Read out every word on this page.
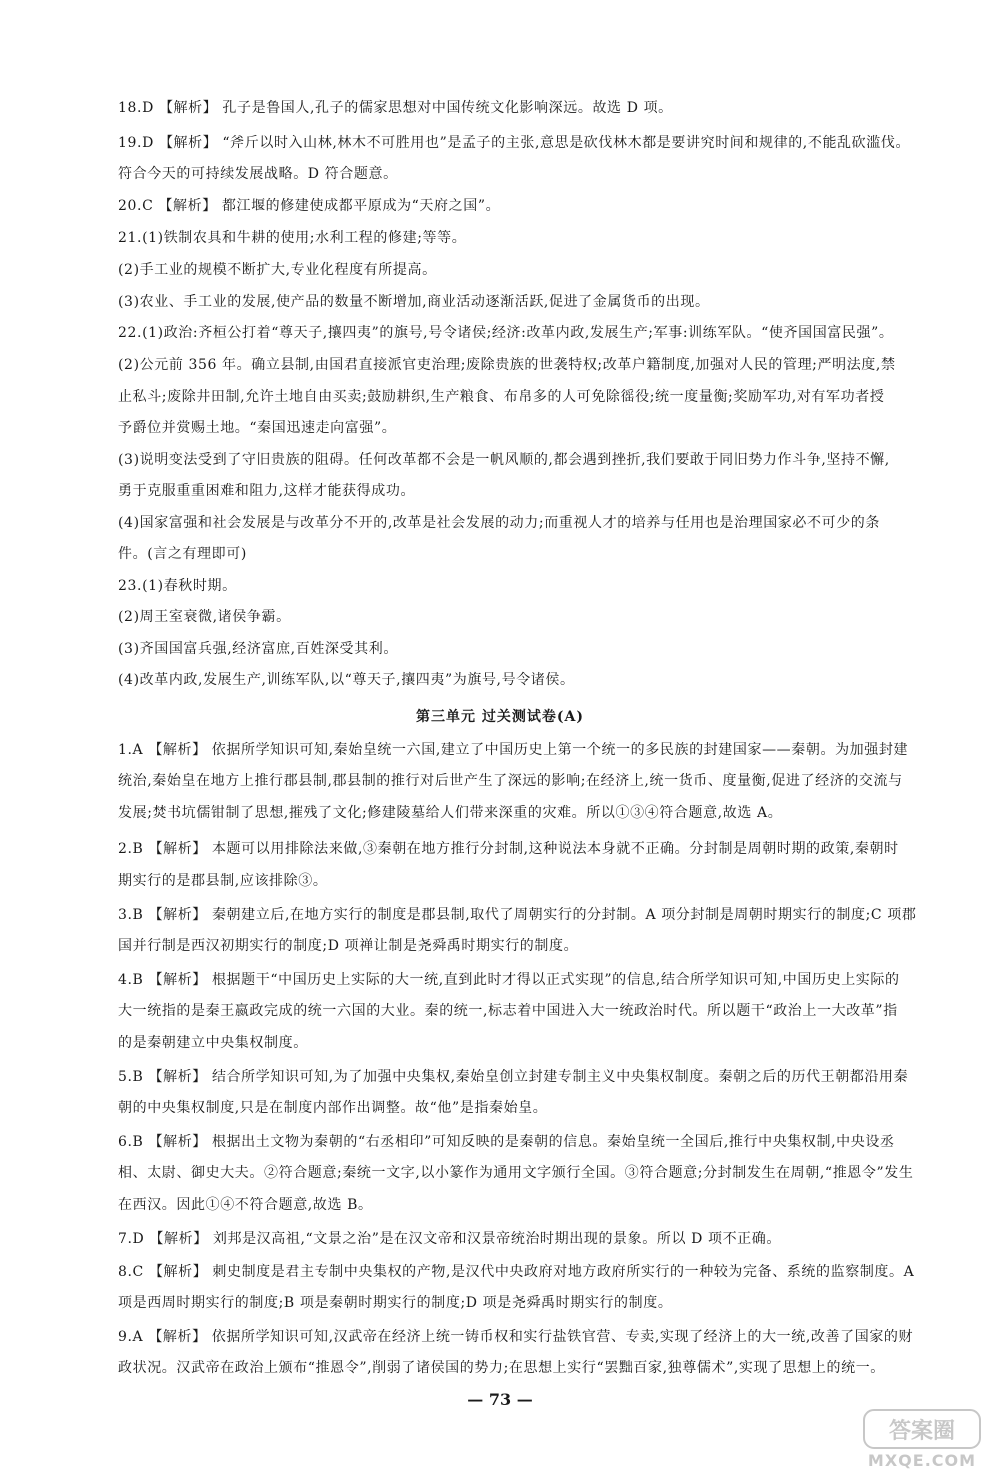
18.D 【解析】 孔子是鲁国人,孔子的儒家思想对中国传统文化影响深远。故选 D 项。
19.D 【解析】 “斧斤以时入山林,林木不可胜用也”是孟子的主张,意思是砍伐林木都是要讲究时间和规律的,不能乱砍滥伐。
符合今天的可持续发展战略。D 符合题意。
20.C 【解析】 都江堰的修建使成都平原成为“天府之国”。
21.(1)铁制农具和牛耕的使用;水利工程的修建;等等。
(2)手工业的规模不断扩大,专业化程度有所提高。
(3)农业、手工业的发展,使产品的数量不断增加,商业活动逐渐活跃,促进了金属货币的出现。
22.(1)政治:齐桓公打着“尊天子,攘四夷”的旗号,号令诸侯;经济:改革内政,发展生产;军事:训练军队。“使齐国国富民强”。
(2)公元前 356 年。确立县制,由国君直接派官吏治理;废除贵族的世袭特权;改革户籍制度,加强对人民的管理;严明法度,禁
止私斗;废除井田制,允许土地自由买卖;鼓励耕织,生产粮食、布帛多的人可免除徭役;统一度量衡;奖励军功,对有军功者授
予爵位并赏赐土地。“秦国迅速走向富强”。
(3)说明变法受到了守旧贵族的阻碍。任何改革都不会是一帆风顺的,都会遇到挫折,我们要敢于同旧势力作斗争,坚持不懈,
勇于克服重重困难和阻力,这样才能获得成功。
(4)国家富强和社会发展是与改革分不开的,改革是社会发展的动力;而重视人才的培养与任用也是治理国家必不可少的条
件。(言之有理即可)
23.(1)春秋时期。
(2)周王室衰微,诸侯争霸。
(3)齐国国富兵强,经济富庶,百姓深受其利。
(4)改革内政,发展生产,训练军队,以“尊天子,攘四夷”为旗号,号令诸侯。
第三单元 过关测试卷(A)
1.A 【解析】 依据所学知识可知,秦始皇统一六国,建立了中国历史上第一个统一的多民族的封建国家——秦朝。为加强封建
统治,秦始皇在地方上推行郡县制,郡县制的推行对后世产生了深远的影响;在经济上,统一货币、度量衡,促进了经济的交流与
发展;焚书坑儒钳制了思想,摧残了文化;修建陵墓给人们带来深重的灾难。所以①③④符合题意,故选 A。
2.B 【解析】 本题可以用排除法来做,③秦朝在地方推行分封制,这种说法本身就不正确。分封制是周朝时期的政策,秦朝时
期实行的是郡县制,应该排除③。
3.B 【解析】 秦朝建立后,在地方实行的制度是郡县制,取代了周朝实行的分封制。A 项分封制是周朝时期实行的制度;C 项郡
国并行制是西汉初期实行的制度;D 项禅让制是尧舜禹时期实行的制度。
4.B 【解析】 根据题干“中国历史上实际的大一统,直到此时才得以正式实现”的信息,结合所学知识可知,中国历史上实际的
大一统指的是秦王嬴政完成的统一六国的大业。秦的统一,标志着中国进入大一统政治时代。所以题干“政治上一大改革”指
的是秦朝建立中央集权制度。
5.B 【解析】 结合所学知识可知,为了加强中央集权,秦始皇创立封建专制主义中央集权制度。秦朝之后的历代王朝都沿用秦
朝的中央集权制度,只是在制度内部作出调整。故“他”是指秦始皇。
6.B 【解析】 根据出土文物为秦朝的“右丞相印”可知反映的是秦朝的信息。秦始皇统一全国后,推行中央集权制,中央设丞
相、太尉、御史大夫。②符合题意;秦统一文字,以小篆作为通用文字颁行全国。③符合题意;分封制发生在周朝,“推恩令”发生
在西汉。因此①④不符合题意,故选 B。
7.D 【解析】 刘邦是汉高祖,“文景之治”是在汉文帝和汉景帝统治时期出现的景象。所以 D 项不正确。
8.C 【解析】 刺史制度是君主专制中央集权的产物,是汉代中央政府对地方政府所实行的一种较为完备、系统的监察制度。A
项是西周时期实行的制度;B 项是秦朝时期实行的制度;D 项是尧舜禹时期实行的制度。
9.A 【解析】 依据所学知识可知,汉武帝在经济上统一铸币权和实行盐铁官营、专卖,实现了经济上的大一统,改善了国家的财
政状况。汉武帝在政治上颁布“推恩令”,削弱了诸侯国的势力;在思想上实行“罢黜百家,独尊儒术”,实现了思想上的统一。
— 73 —
答案圈
MXQE.COM
